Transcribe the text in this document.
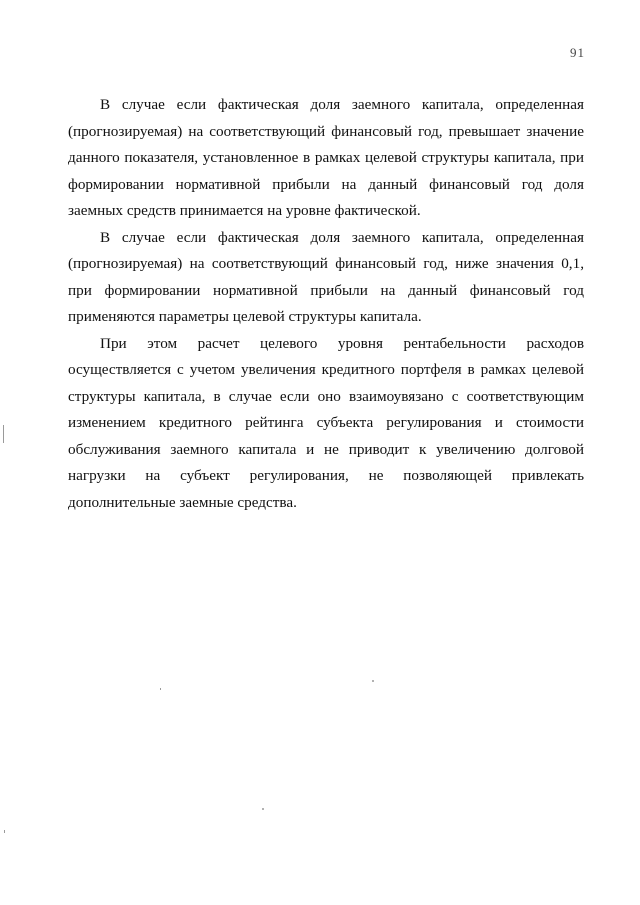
91

В случае если фактическая доля заемного капитала, определенная (прогнозируемая) на соответствующий финансовый год, превышает значение данного показателя, установленное в рамках целевой структуры капитала, при формировании нормативной прибыли на данный финансовый год доля заемных средств принимается на уровне фактической.

В случае если фактическая доля заемного капитала, определенная (прогнозируемая) на соответствующий финансовый год, ниже значения 0,1, при формировании нормативной прибыли на данный финансовый год применяются параметры целевой структуры капитала.

При этом расчет целевого уровня рентабельности расходов осуществляется с учетом увеличения кредитного портфеля в рамках целевой структуры капитала, в случае если оно взаимоувязано с соответствующим изменением кредитного рейтинга субъекта регулирования и стоимости обслуживания заемного капитала и не приводит к увеличению долговой нагрузки на субъект регулирования, не позволяющей привлекать дополнительные заемные средства.
